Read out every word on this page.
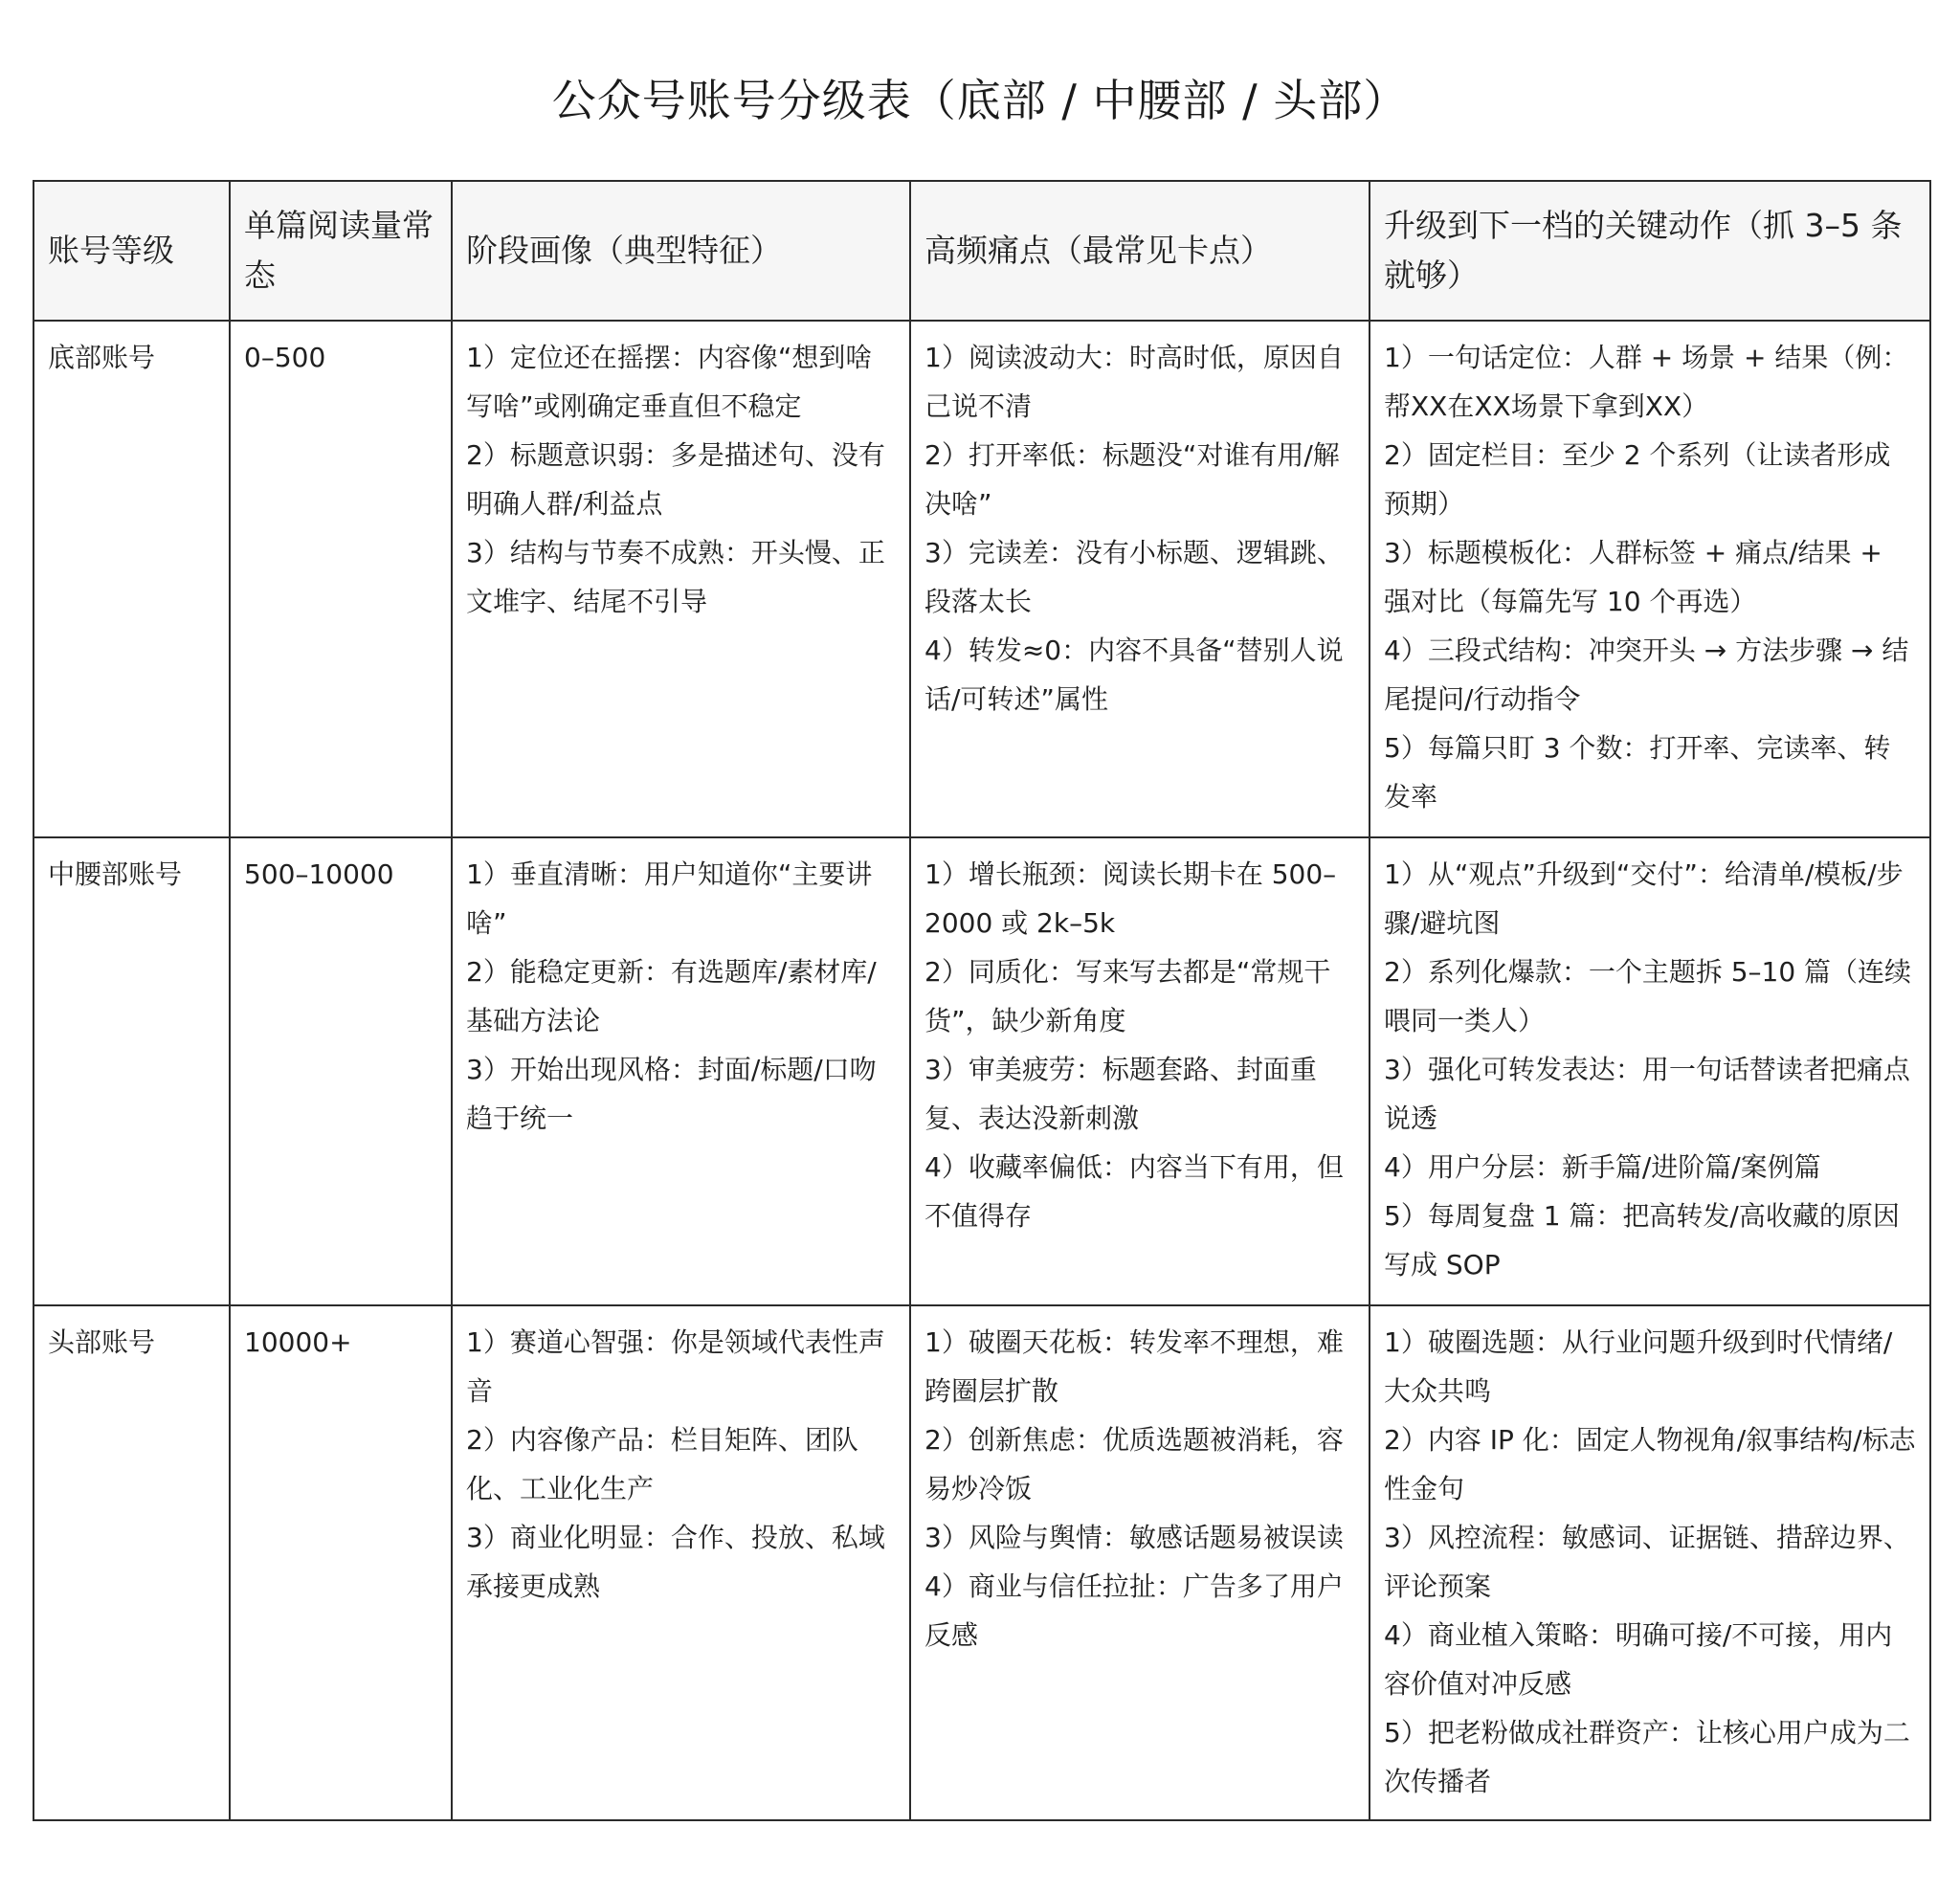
公众号账号分级表（底部 / 中腰部 / 头部）
账号等级	单篇阅读量常态	阶段画像（典型特征）	高频痛点（最常见卡点）	升级到下一档的关键动作（抓 3–5 条就够）
底部账号	0–500	1）定位还在摇摆：内容像“想到啥写啥”或刚确定垂直但不稳定
2）标题意识弱：多是描述句、没有明确人群/利益点
3）结构与节奏不成熟：开头慢、正文堆字、结尾不引导	1）阅读波动大：时高时低，原因自己说不清
2）打开率低：标题没“对谁有用/解决啥”
3）完读差：没有小标题、逻辑跳、段落太长
4）转发≈0：内容不具备“替别人说话/可转述”属性	1）一句话定位：人群 + 场景 + 结果（例：帮XX在XX场景下拿到XX）
2）固定栏目：至少 2 个系列（让读者形成预期）
3）标题模板化：人群标签 + 痛点/结果 + 强对比（每篇先写 10 个再选）
4）三段式结构：冲突开头 → 方法步骤 → 结尾提问/行动指令
5）每篇只盯 3 个数：打开率、完读率、转发率

中腰部账号	500–10000	1）垂直清晰：用户知道你“主要讲啥”
2）能稳定更新：有选题库/素材库/基础方法论
3）开始出现风格：封面/标题/口吻趋于统一	1）增长瓶颈：阅读长期卡在 500–2000 或 2k–5k
2）同质化：写来写去都是“常规干货”，缺少新角度
3）审美疲劳：标题套路、封面重复、表达没新刺激
4）收藏率偏低：内容当下有用，但不值得存	1）从“观点”升级到“交付”：给清单/模板/步骤/避坑图
2）系列化爆款：一个主题拆 5–10 篇（连续喂同一类人）
3）强化可转发表达：用一句话替读者把痛点说透
4）用户分层：新手篇/进阶篇/案例篇
5）每周复盘 1 篇：把高转发/高收藏的原因写成 SOP

头部账号	10000+	1）赛道心智强：你是领域代表性声音
2）内容像产品：栏目矩阵、团队化、工业化生产
3）商业化明显：合作、投放、私域承接更成熟	1）破圈天花板：转发率不理想，难跨圈层扩散
2）创新焦虑：优质选题被消耗，容易炒冷饭
3）风险与舆情：敏感话题易被误读
4）商业与信任拉扯：广告多了用户反感	1）破圈选题：从行业问题升级到时代情绪/大众共鸣
2）内容 IP 化：固定人物视角/叙事结构/标志性金句
3）风控流程：敏感词、证据链、措辞边界、评论预案
4）商业植入策略：明确可接/不可接，用内容价值对冲反感
5）把老粉做成社群资产：让核心用户成为二次传播者
